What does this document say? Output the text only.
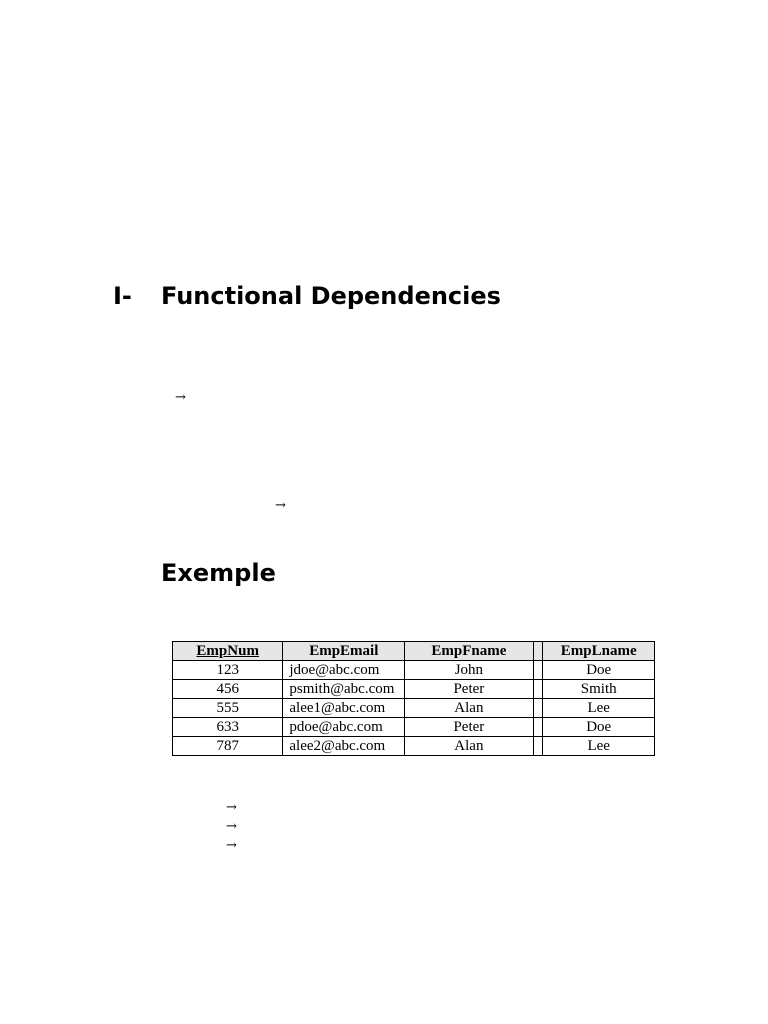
I- Functional Dependencies
→
→
Exemple
EmpNum	EmpEmail	EmpFname		EmpLname
123	jdoe@abc.com	John		Doe
456	psmith@abc.com	Peter		Smith
555	alee1@abc.com	Alan		Lee
633	pdoe@abc.com	Peter		Doe
787	alee2@abc.com	Alan		Lee
→
→
→
